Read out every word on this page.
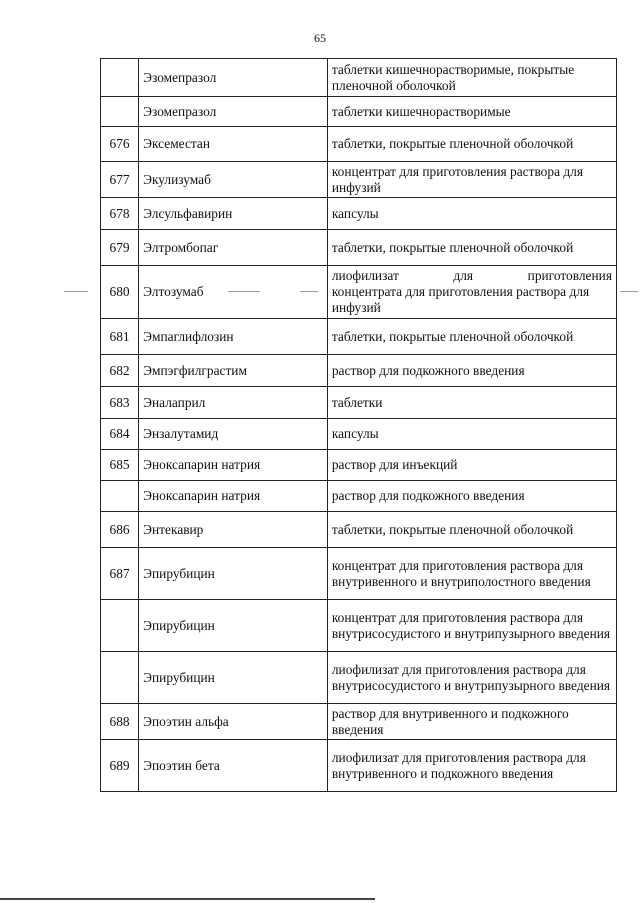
65
	Эзомепразол	таблетки кишечнорастворимые, покрытые пленочной оболочкой
	Эзомепразол	таблетки кишечнорастворимые
676	Эксеместан	таблетки, покрытые пленочной оболочкой
677	Экулизумаб	концентрат для приготовления раствора для инфузий
678	Элсульфавирин	капсулы
679	Элтромбопаг	таблетки, покрытые пленочной оболочкой
680	Элтозумаб	лиофилизат для приготовления
концентрата для приготовления раствора для инфузий
681	Эмпаглифлозин	таблетки, покрытые пленочной оболочкой
682	Эмпэгфилграстим	раствор для подкожного введения
683	Эналаприл	таблетки
684	Энзалутамид	капсулы
685	Эноксапарин натрия	раствор для инъекций
	Эноксапарин натрия	раствор для подкожного введения
686	Энтекавир	таблетки, покрытые пленочной оболочкой
687	Эпирубицин	концентрат для приготовления раствора для внутривенного и внутриполостного введения
	Эпирубицин	концентрат для приготовления раствора для внутрисосудистого и внутрипузырного введения
	Эпирубицин	лиофилизат для приготовления раствора для внутрисосудистого и внутрипузырного введения
688	Эпоэтин альфа	раствор для внутривенного и подкожного введения
689	Эпоэтин бета	лиофилизат для приготовления раствора для внутривенного и подкожного введения
